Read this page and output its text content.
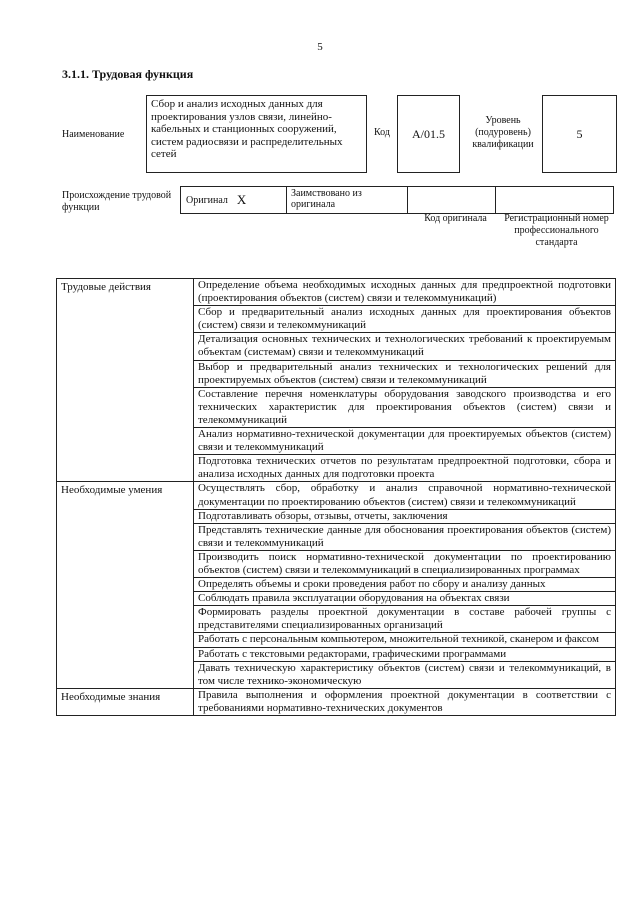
5
3.1.1. Трудовая функция
Наименование
Сбор и анализ исходных данных для проектирования узлов связи, линейно-кабельных и станционных сооружений, систем радиосвязи и распределительных сетей
Код	А/01.5
Уровень (подуровень) квалификации
5
Происхождение трудовой функции
Оригинал X	Заимствовано из оригинала
Код оригинала	Регистрационный номер профессионального стандарта
Трудовые действия	Определение объема необходимых исходных данных для предпроектной подготовки (проектирования объектов (систем) связи и телекоммуникаций)
	Сбор и предварительный анализ исходных данных для проектирования объектов (систем) связи и телекоммуникаций
	Детализация основных технических и технологических требований к проектируемым объектам (системам) связи и телекоммуникаций
	Выбор и предварительный анализ технических и технологических решений для проектируемых объектов (систем) связи и телекоммуникаций
	Составление перечня номенклатуры оборудования заводского производства и его технических характеристик для проектирования объектов (систем) связи и телекоммуникаций
	Анализ нормативно-технической документации для проектируемых объектов (систем) связи и телекоммуникаций
	Подготовка технических отчетов по результатам предпроектной подготовки, сбора и анализа исходных данных для подготовки проекта
Необходимые умения	Осуществлять сбор, обработку и анализ справочной нормативно-технической документации по проектированию объектов (систем) связи и телекоммуникаций
	Подготавливать обзоры, отзывы, отчеты, заключения
	Представлять технические данные для обоснования проектирования объектов (систем) связи и телекоммуникаций
	Производить поиск нормативно-технической документации по проектированию объектов (систем) связи и телекоммуникаций в специализированных программах
	Определять объемы и сроки проведения работ по сбору и анализу данных
	Соблюдать правила эксплуатации оборудования на объектах связи
	Формировать разделы проектной документации в составе рабочей группы с представителями специализированных организаций
	Работать с персональным компьютером, множительной техникой, сканером и факсом
	Работать с текстовыми редакторами, графическими программами
	Давать техническую характеристику объектов (систем) связи и телекоммуникаций, в том числе технико-экономическую
Необходимые знания	Правила выполнения и оформления проектной документации в соответствии с требованиями нормативно-технических документов
